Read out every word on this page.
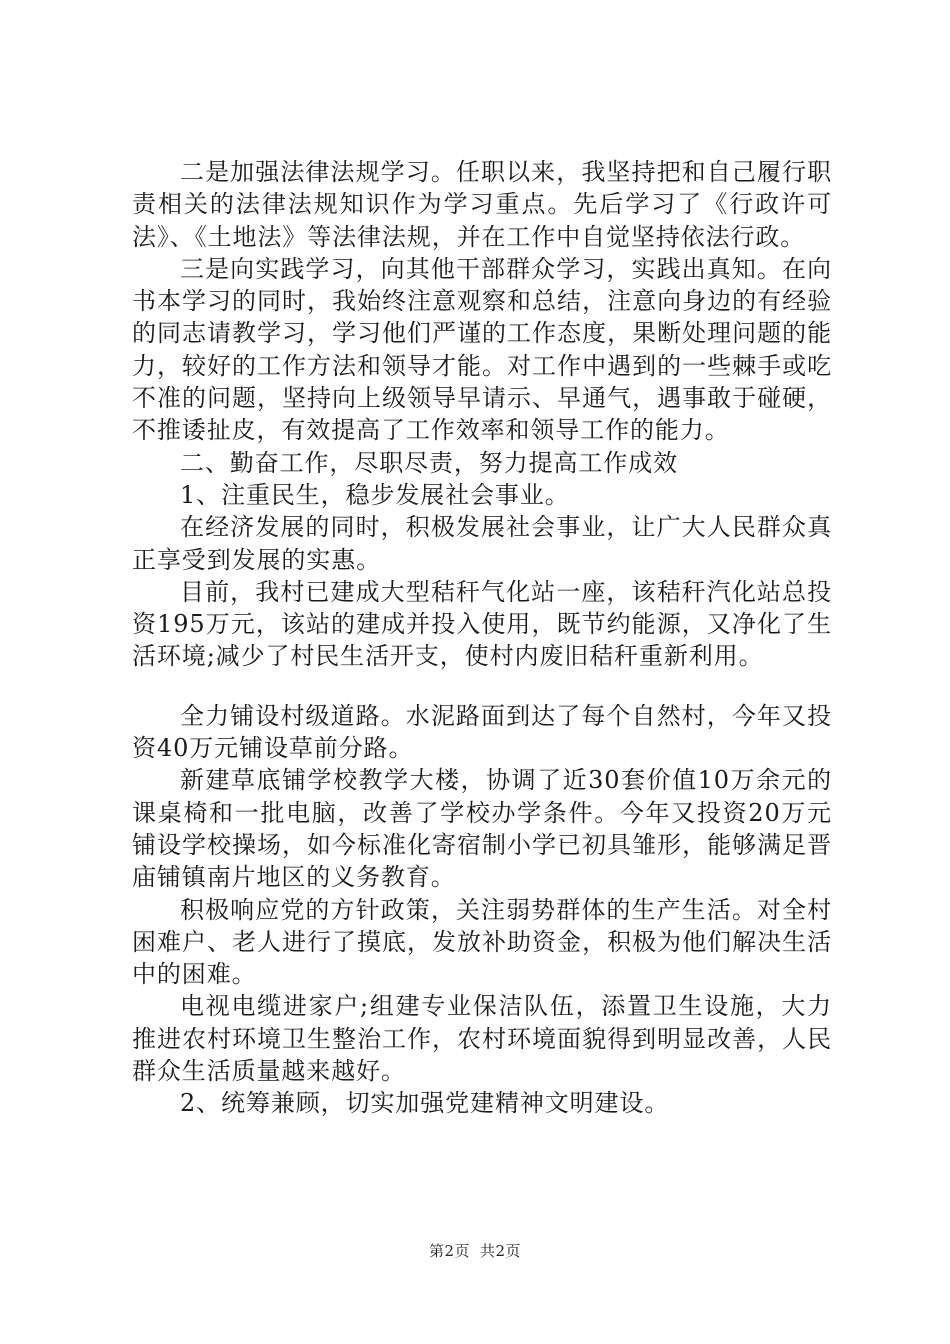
二是加强法律法规学习。任职以来，我坚持把和自己履行职责相关的法律法规知识作为学习重点。先后学习了《行政许可法》、《土地法》等法律法规，并在工作中自觉坚持依法行政。

三是向实践学习，向其他干部群众学习，实践出真知。在向书本学习的同时，我始终注意观察和总结，注意向身边的有经验的同志请教学习，学习他们严谨的工作态度，果断处理问题的能力，较好的工作方法和领导才能。对工作中遇到的一些棘手或吃不准的问题，坚持向上级领导早请示、早通气，遇事敢于碰硬，不推诿扯皮，有效提高了工作效率和领导工作的能力。

二、勤奋工作，尽职尽责，努力提高工作成效

1、注重民生，稳步发展社会事业。

在经济发展的同时，积极发展社会事业，让广大人民群众真正享受到发展的实惠。

目前，我村已建成大型秸秆气化站一座，该秸秆汽化站总投资195万元，该站的建成并投入使用，既节约能源，又净化了生活环境;减少了村民生活开支，使村内废旧秸秆重新利用。

全力铺设村级道路。水泥路面到达了每个自然村，今年又投资40万元铺设草前分路。

新建草底铺学校教学大楼，协调了近30套价值10万余元的课桌椅和一批电脑，改善了学校办学条件。今年又投资20万元铺设学校操场，如今标准化寄宿制小学已初具雏形，能够满足晋庙铺镇南片地区的义务教育。

积极响应党的方针政策，关注弱势群体的生产生活。对全村困难户、老人进行了摸底，发放补助资金，积极为他们解决生活中的困难。

电视电缆进家户;组建专业保洁队伍，添置卫生设施，大力推进农村环境卫生整治工作，农村环境面貌得到明显改善，人民群众生活质量越来越好。

2、统筹兼顾，切实加强党建精神文明建设。

第2页 共2页
